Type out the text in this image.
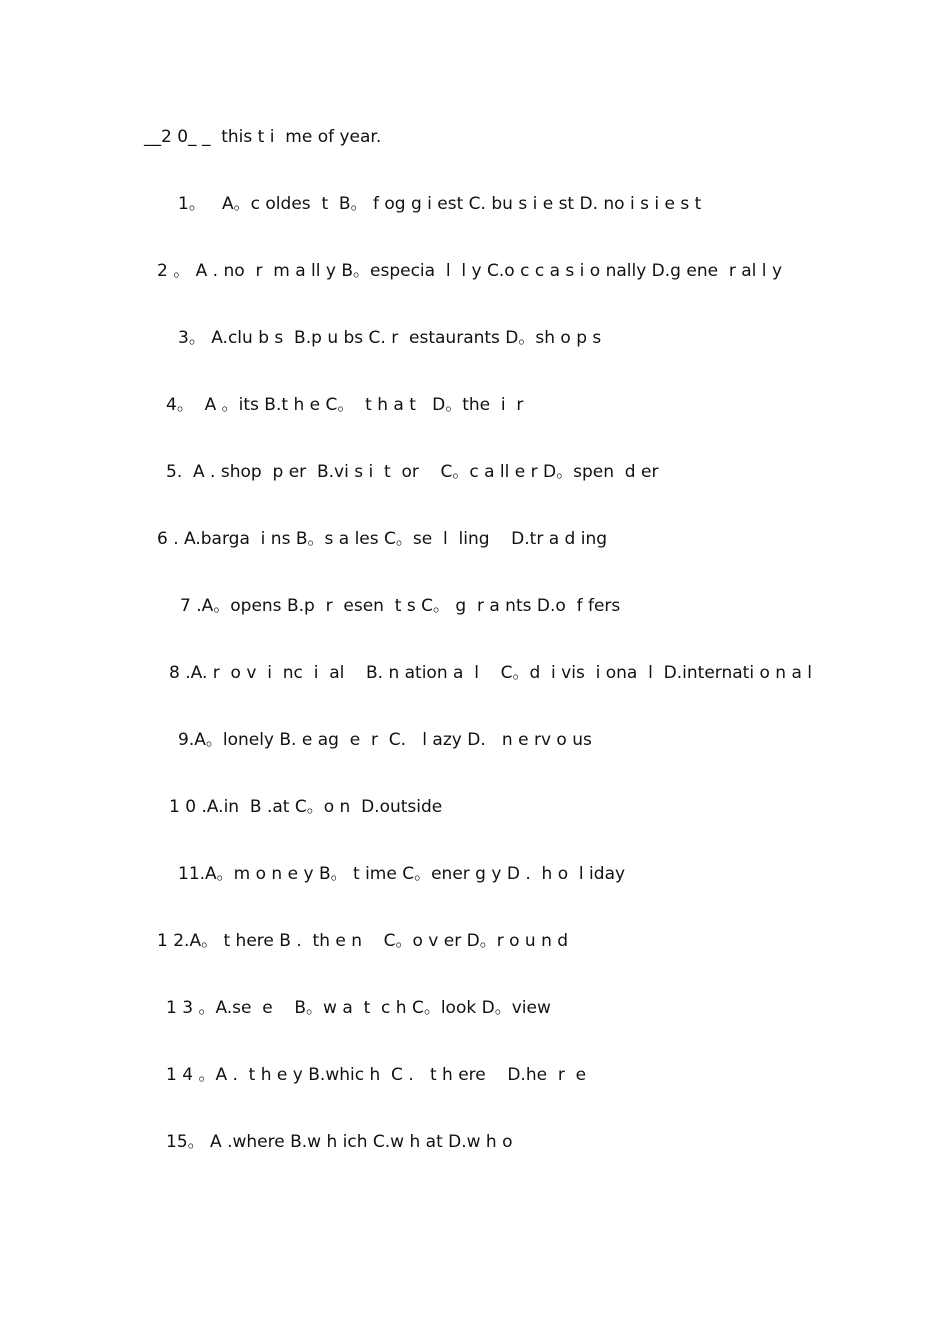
__2 0_ _  this t i  me of year.
1。   A。c oldes  t  B。 f og g i est C. bu s i e st D. no i s i e s t
2 。 A . no  r  m a ll y B。especia  l  l y C.o c c a s i o nally D.g ene  r al l y
3。 A.clu b s  B.p u bs C. r  estaurants D。sh o p s
4。  A 。its B.t h e C。  t h a t   D。the  i  r
5.  A . shop  p er  B.vi s i  t  or    C。c a ll e r D。spen  d er
6 . A.barga  i ns B。s a les C。se  l  ling    D.tr a d ing
7 .A。opens B.p  r  esen  t s C。 g  r a nts D.o  f fers
8 .A. r  o v  i  nc  i  al    B. n ation a  l    C。d  i vis  i ona  l  D.internati o n a l
9.A。lonely B. e ag  e  r  C.   l azy D.   n e rv o us
1 0 .A.in  B .at C。o n  D.outside
11.A。m o n e y B。 t ime C。ener g y D .  h o  l iday
1 2.A。 t here B .  th e n    C。o v er D。r o u n d
1 3 。A.se  e    B。w a  t  c h C。look D。view
1 4 。A .  t h e y B.whic h  C .   t h ere    D.he  r  e
15。 A .where B.w h ich C.w h at D.w h o
